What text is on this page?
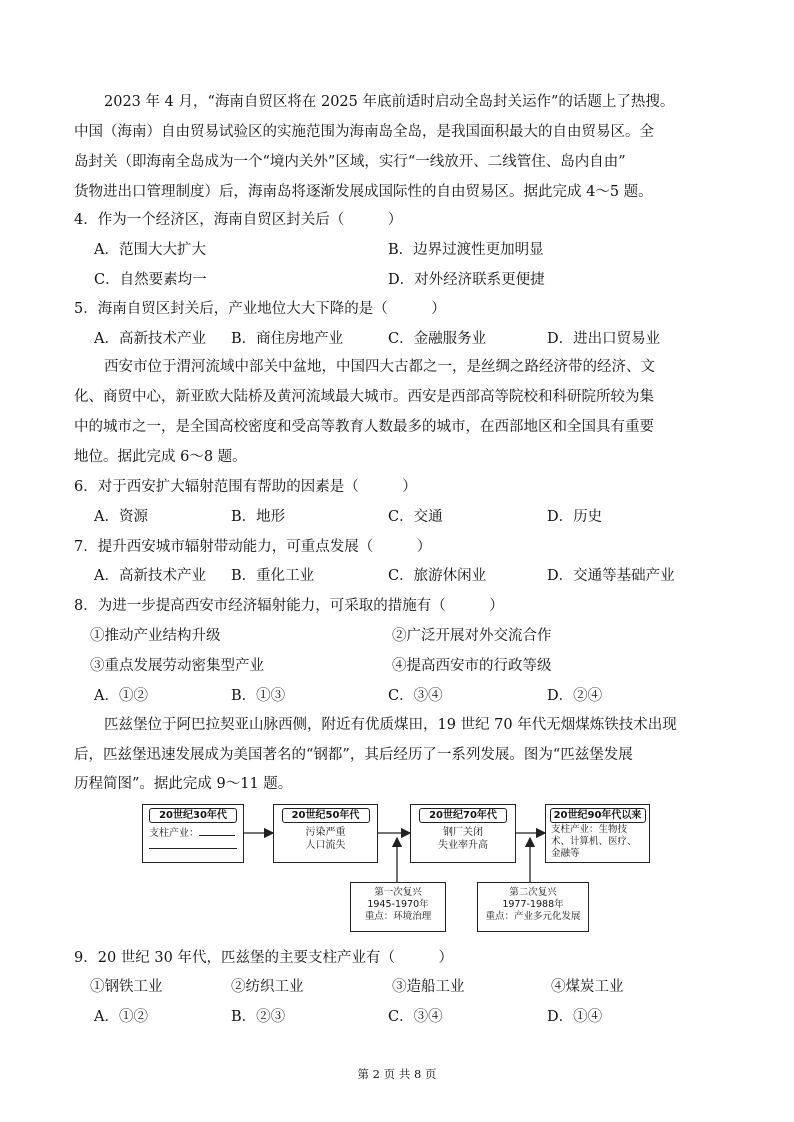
2023 年 4 月，“海南自贸区将在 2025 年底前适时启动全岛封关运作”的话题上了热搜。
中国（海南）自由贸易试验区的实施范围为海南岛全岛，是我国面积最大的自由贸易区。全
岛封关（即海南全岛成为一个“境内关外”区域，实行“一线放开、二线管住、岛内自由”
货物进出口管理制度）后，海南岛将逐渐发展成国际性的自由贸易区。据此完成 4～5 题。
4．作为一个经济区，海南自贸区封关后（　　　）
A．范围大大扩大	B．边界过渡性更加明显
C．自然要素均一	D．对外经济联系更便捷
5．海南自贸区封关后，产业地位大大下降的是（　　　）
A．高新技术产业 B．商住房地产业	C．金融服务业	D．进出口贸易业
西安市位于渭河流域中部关中盆地，中国四大古都之一，是丝绸之路经济带的经济、文
化、商贸中心，新亚欧大陆桥及黄河流域最大城市。西安是西部高等院校和科研院所较为集
中的城市之一，是全国高校密度和受高等教育人数最多的城市，在西部地区和全国具有重要
地位。据此完成 6～8 题。
6．对于西安扩大辐射范围有帮助的因素是（　　　）
A．资源	B．地形	C．交通	D．历史
7．提升西安城市辐射带动能力，可重点发展（　　　）
A．高新技术产业 B．重化工业	C．旅游休闲业	D．交通等基础产业
8．为进一步提高西安市经济辐射能力，可采取的措施有（　　　）
①推动产业结构升级	②广泛开展对外交流合作
③重点发展劳动密集型产业	④提高西安市的行政等级
A．①②	B．①③	C．③④	D．②④
匹兹堡位于阿巴拉契亚山脉西侧，附近有优质煤田，19 世纪 70 年代无烟煤炼铁技术出现
后，匹兹堡迅速发展成为美国著名的“钢都”，其后经历了一系列发展。图为“匹兹堡发展
历程简图”。据此完成 9～11 题。
20世纪30年代
支柱产业：
20世纪50年代
污染严重
人口流失
20世纪70年代
钢厂关闭
失业率升高
20世纪90年代以来
支柱产业：生物技
术、计算机、医疗、
金融等
第一次复兴
1945-1970年
重点：环境治理
第二次复兴
1977-1988年
重点：产业多元化发展
9．20 世纪 30 年代，匹兹堡的主要支柱产业有（　　　）
①钢铁工业	②纺织工业	③造船工业	④煤炭工业
A．①②	B．②③	C．③④	D．①④
第 2 页 共 8 页
